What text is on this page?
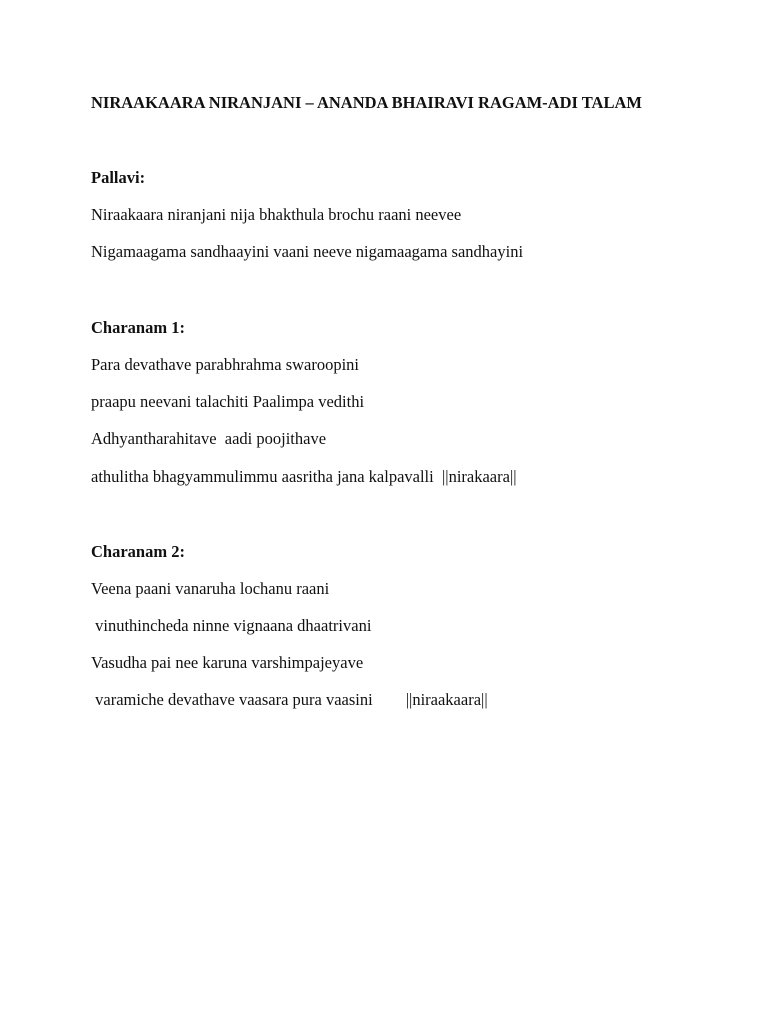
NIRAAKAARA NIRANJANI – ANANDA BHAIRAVI RAGAM-ADI TALAM

Pallavi:

Niraakaara niranjani nija bhakthula brochu raani neevee

Nigamaagama sandhaayini vaani neeve nigamaagama sandhayini

Charanam 1:

Para devathave parabhrahma swaroopini

praapu neevani talachiti Paalimpa vedithi

Adhyantharahitave  aadi poojithave

athulitha bhagyammulimmu aasritha jana kalpavalli  ||nirakaara||

Charanam 2:

Veena paani vanaruha lochanu raani

vinuthincheda ninne vignaana dhaatrivani

Vasudha pai nee karuna varshimpajeyave

varamiche devathave vaasara pura vaasini        ||niraakaara||
